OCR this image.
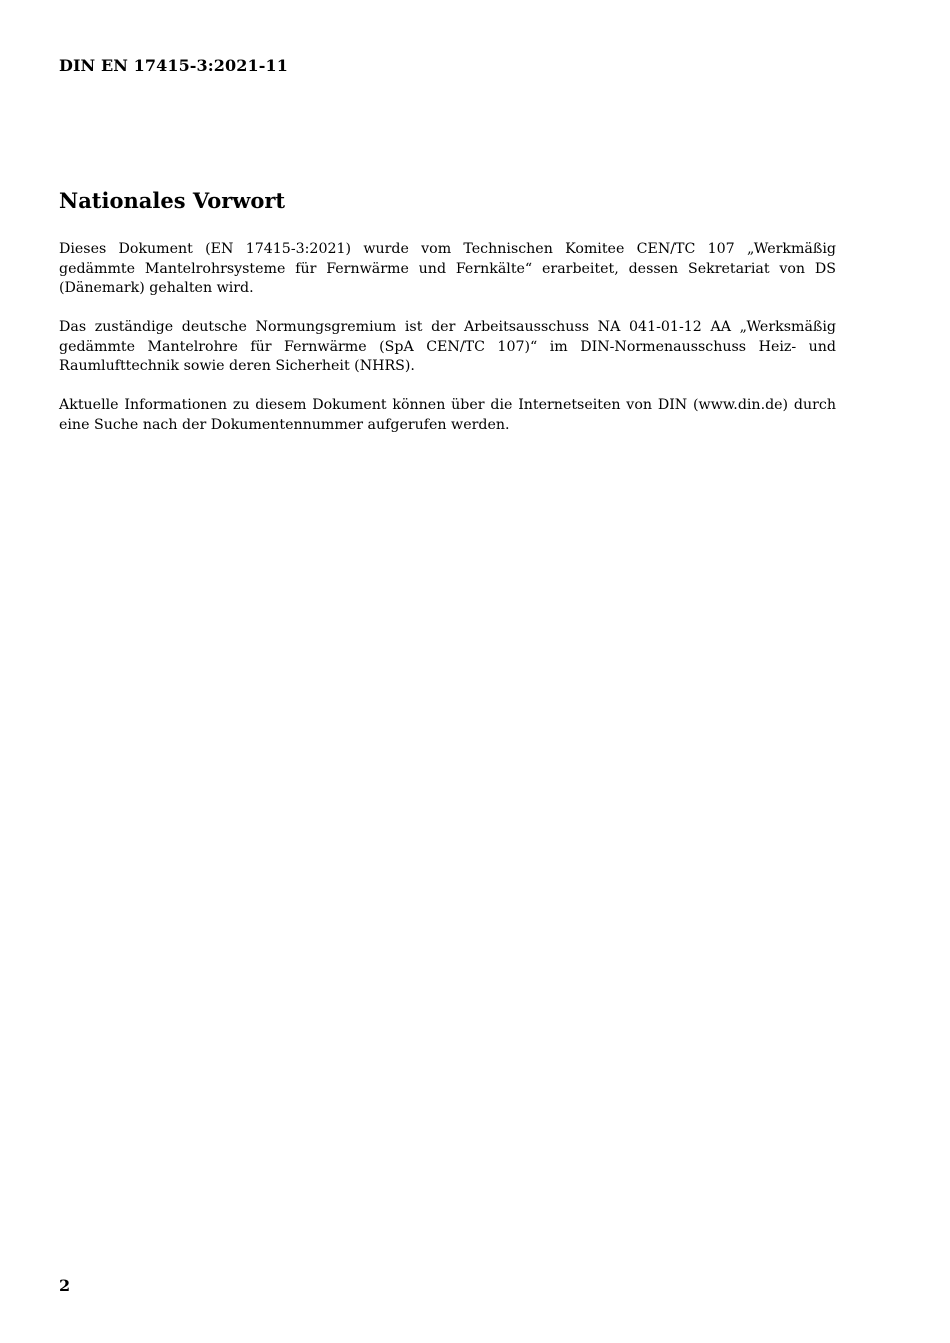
DIN EN 17415-3:2021-11
Nationales Vorwort

Dieses Dokument (EN 17415-3:2021) wurde vom Technischen Komitee CEN/TC 107 „Werkmäßig gedämmte Mantelrohrsysteme für Fernwärme und Fernkälte“ erarbeitet, dessen Sekretariat von DS (Dänemark) gehalten wird.

Das zuständige deutsche Normungsgremium ist der Arbeitsausschuss NA 041-01-12 AA „Werksmäßig gedämmte Mantelrohre für Fernwärme (SpA CEN/TC 107)“ im DIN-Normenausschuss Heiz- und Raumlufttechnik sowie deren Sicherheit (NHRS).

Aktuelle Informationen zu diesem Dokument können über die Internetseiten von DIN (www.din.de) durch eine Suche nach der Dokumentennummer aufgerufen werden.

2
